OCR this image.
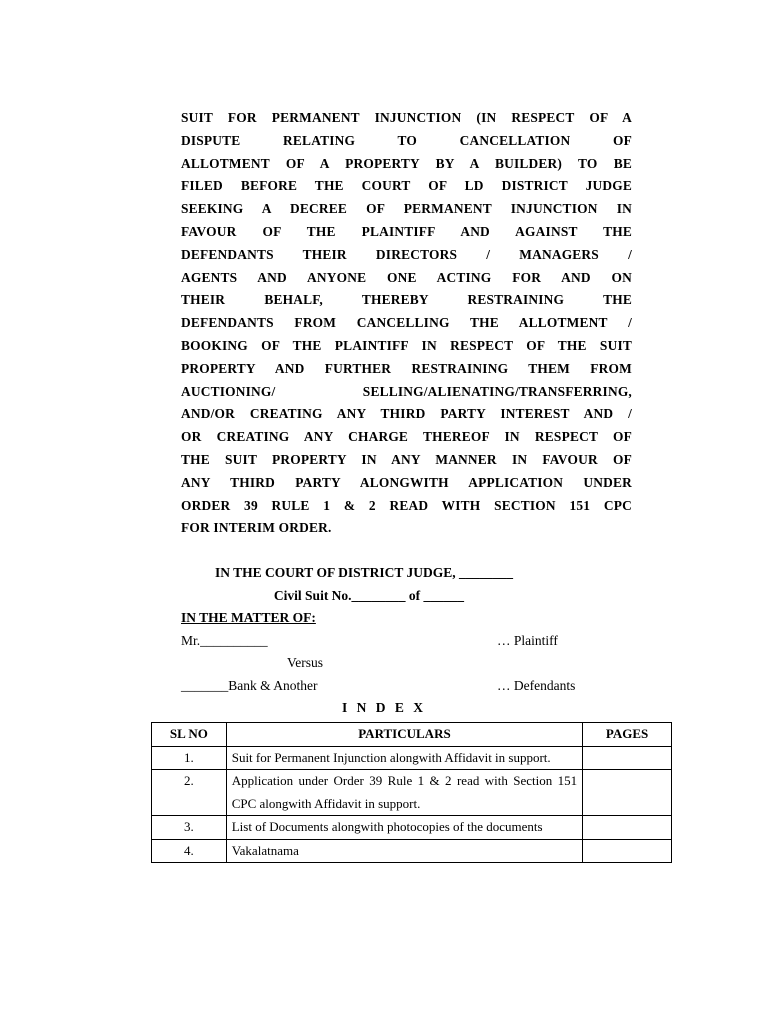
SUIT FOR PERMANENT INJUNCTION (IN RESPECT OF A
DISPUTE RELATING TO CANCELLATION OF
ALLOTMENT OF A PROPERTY BY A BUILDER) TO BE
FILED BEFORE THE COURT OF LD DISTRICT JUDGE
SEEKING A DECREE OF PERMANENT INJUNCTION IN
FAVOUR OF THE PLAINTIFF AND AGAINST THE
DEFENDANTS THEIR DIRECTORS / MANAGERS /
AGENTS AND ANYONE ONE ACTING FOR AND ON
THEIR BEHALF, THEREBY RESTRAINING THE
DEFENDANTS FROM CANCELLING THE ALLOTMENT /
BOOKING OF THE PLAINTIFF IN RESPECT OF THE SUIT
PROPERTY AND FURTHER RESTRAINING THEM FROM
AUCTIONING/ SELLING/ALIENATING/TRANSFERRING,
AND/OR CREATING ANY THIRD PARTY INTEREST AND /
OR CREATING ANY CHARGE THEREOF IN RESPECT OF
THE SUIT PROPERTY IN ANY MANNER IN FAVOUR OF
ANY THIRD PARTY ALONGWITH APPLICATION UNDER
ORDER 39 RULE 1 & 2 READ WITH SECTION 151 CPC
FOR INTERIM ORDER.
IN THE COURT OF DISTRICT JUDGE, ________
Civil Suit No.________ of ______
IN THE MATTER OF:
Mr.__________	… Plaintiff
Versus
_______Bank & Another	… Defendants
I N D E X
SL NO	PARTICULARS	PAGES
1.	Suit for Permanent Injunction alongwith Affidavit in support.	
2.	Application under Order 39 Rule 1 & 2 read with Section 151 CPC alongwith Affidavit in support.	
3.	List of Documents alongwith photocopies of the documents	
4.	Vakalatnama	
